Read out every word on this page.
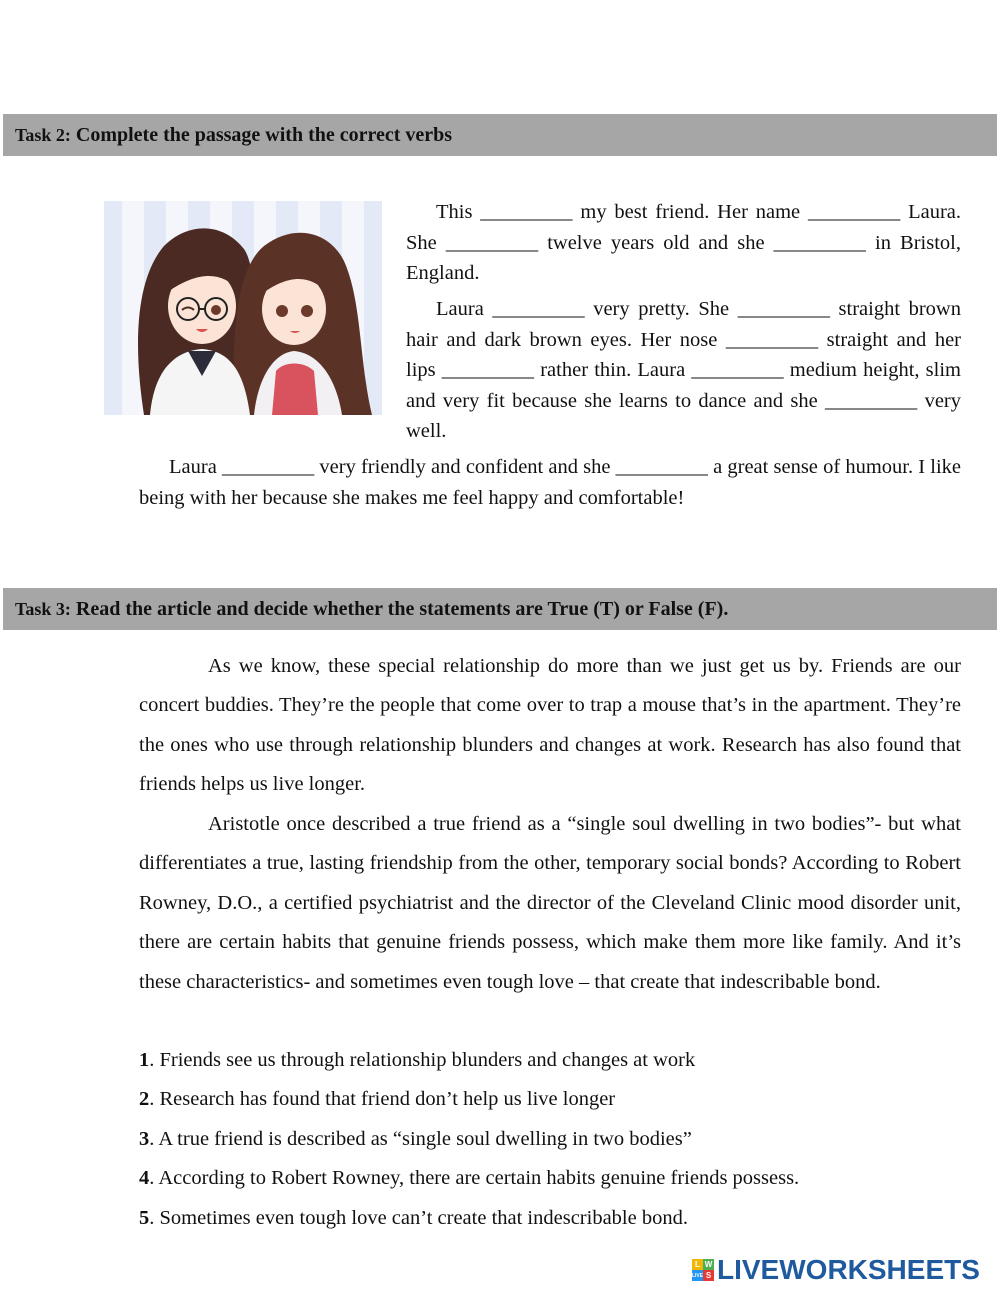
Task 2: Complete the passage with the correct verbs

This _________ my best friend. Her name _________ Laura. She _________ twelve years old and she _________ in Bristol, England.

Laura _________ very pretty. She _________ straight brown hair and dark brown eyes. Her nose _________ straight and her lips _________ rather thin. Laura _________ medium height, slim and very fit because she learns to dance and she _________ very well.

Laura _________ very friendly and confident and she _________ a great sense of humour. I like being with her because she makes me feel happy and comfortable!

Task 3: Read the article and decide whether the statements are True (T) or False (F).

As we know, these special relationship do more than we just get us by. Friends are our concert buddies. They’re the people that come over to trap a mouse that’s in the apartment. They’re the ones who use through relationship blunders and changes at work. Research has also found that friends helps us live longer.

Aristotle once described a true friend as a “single soul dwelling in two bodies”- but what differentiates a true, lasting friendship from the other, temporary social bonds? According to Robert Rowney, D.O., a certified psychiatrist and the director of the Cleveland Clinic mood disorder unit, there are certain habits that genuine friends possess, which make them more like family. And it’s these characteristics- and sometimes even tough love – that create that indescribable bond.

1. Friends see us through relationship blunders and changes at work
2. Research has found that friend don’t help us live longer
3. A true friend is described as “single soul dwelling in two bodies”
4. According to Robert Rowney, there are certain habits genuine friends possess.
5. Sometimes even tough love can’t create that indescribable bond.
L W
LIVE S LIVEWORKSHEETS
